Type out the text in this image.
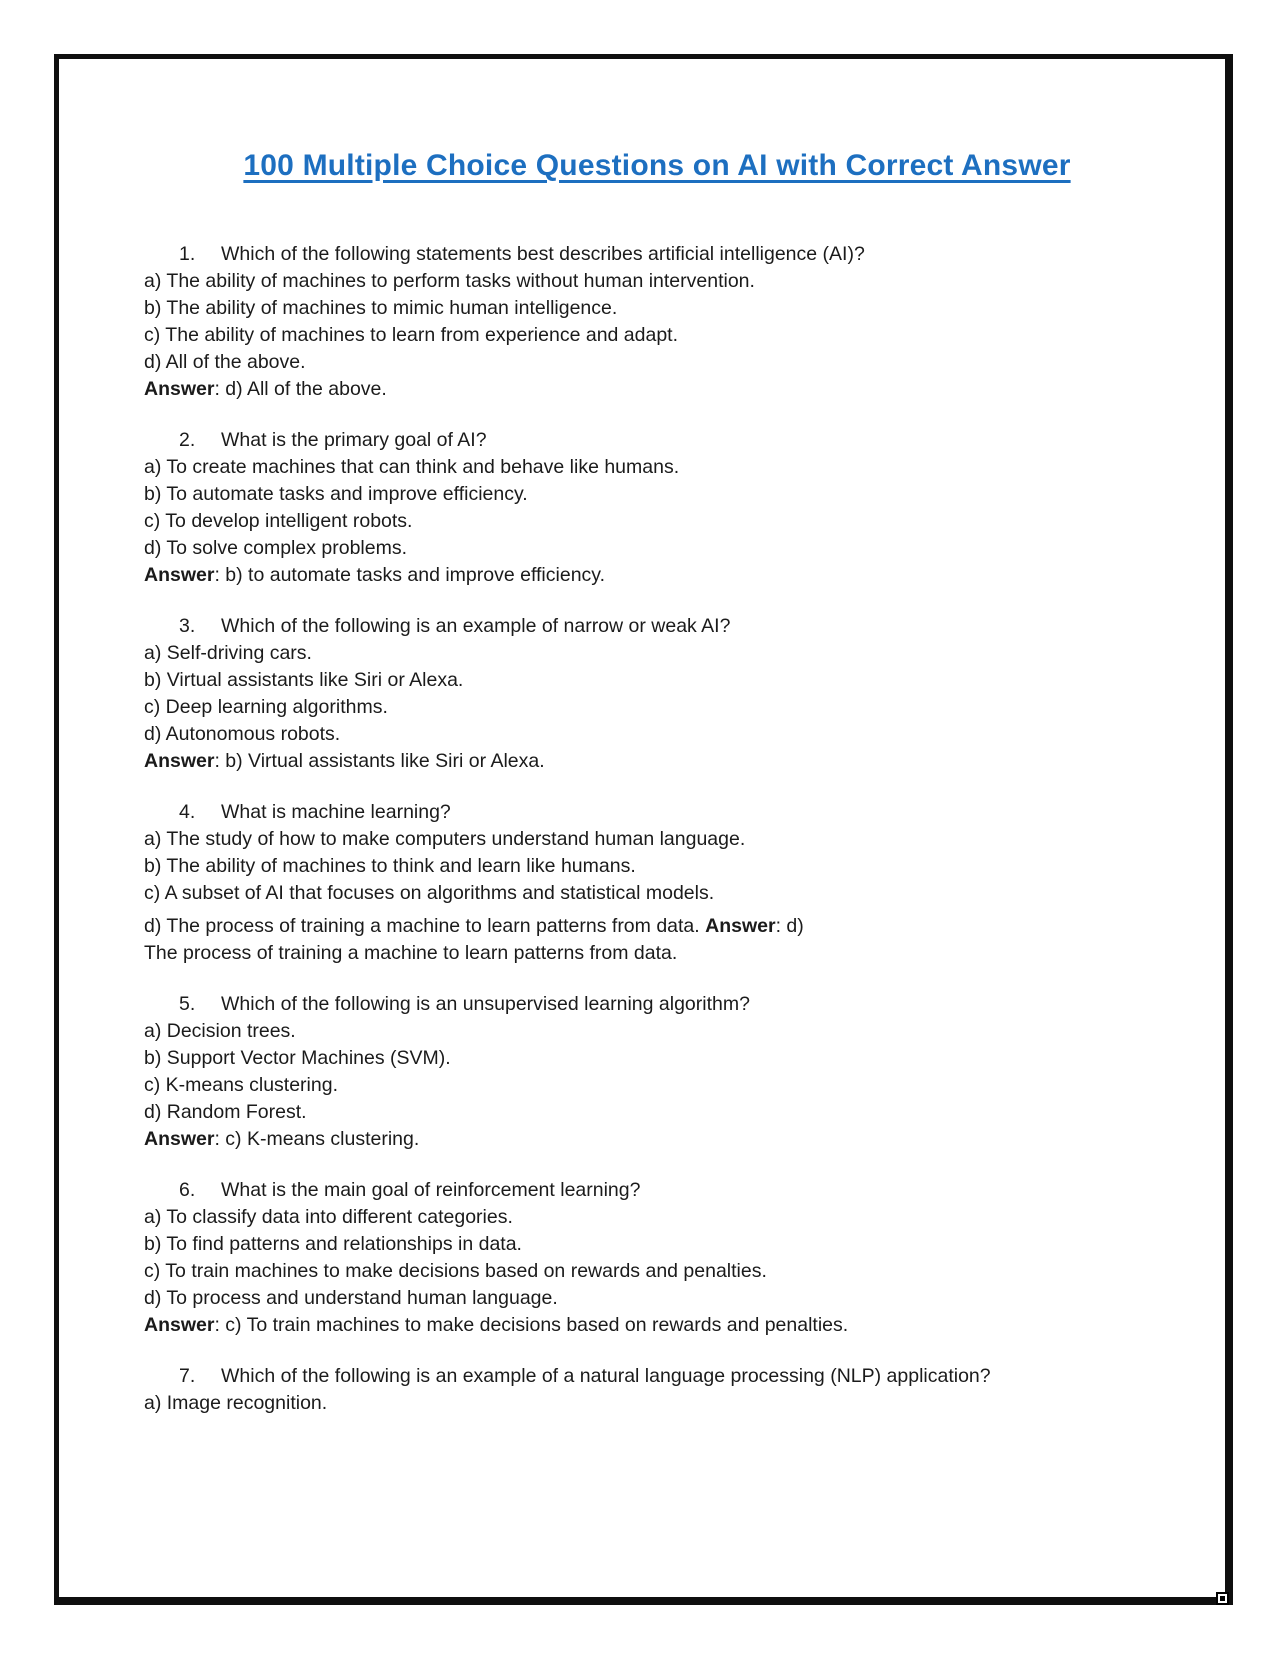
100 Multiple Choice Questions on AI with Correct Answer
1. Which of the following statements best describes artificial intelligence (AI)?
a) The ability of machines to perform tasks without human intervention.
b) The ability of machines to mimic human intelligence.
c) The ability of machines to learn from experience and adapt.
d) All of the above.
Answer: d) All of the above.
2. What is the primary goal of AI?
a) To create machines that can think and behave like humans.
b) To automate tasks and improve efficiency.
c) To develop intelligent robots.
d) To solve complex problems.
Answer: b) to automate tasks and improve efficiency.
3. Which of the following is an example of narrow or weak AI?
a) Self-driving cars.
b) Virtual assistants like Siri or Alexa.
c) Deep learning algorithms.
d) Autonomous robots.
Answer: b) Virtual assistants like Siri or Alexa.
4. What is machine learning?
a) The study of how to make computers understand human language.
b) The ability of machines to think and learn like humans.
c) A subset of AI that focuses on algorithms and statistical models.
d) The process of training a machine to learn patterns from data. Answer: d)
The process of training a machine to learn patterns from data.
5. Which of the following is an unsupervised learning algorithm?
a) Decision trees.
b) Support Vector Machines (SVM).
c) K-means clustering.
d) Random Forest.
Answer: c) K-means clustering.
6. What is the main goal of reinforcement learning?
a) To classify data into different categories.
b) To find patterns and relationships in data.
c) To train machines to make decisions based on rewards and penalties.
d) To process and understand human language.
Answer: c) To train machines to make decisions based on rewards and penalties.
7. Which of the following is an example of a natural language processing (NLP) application?
a) Image recognition.
